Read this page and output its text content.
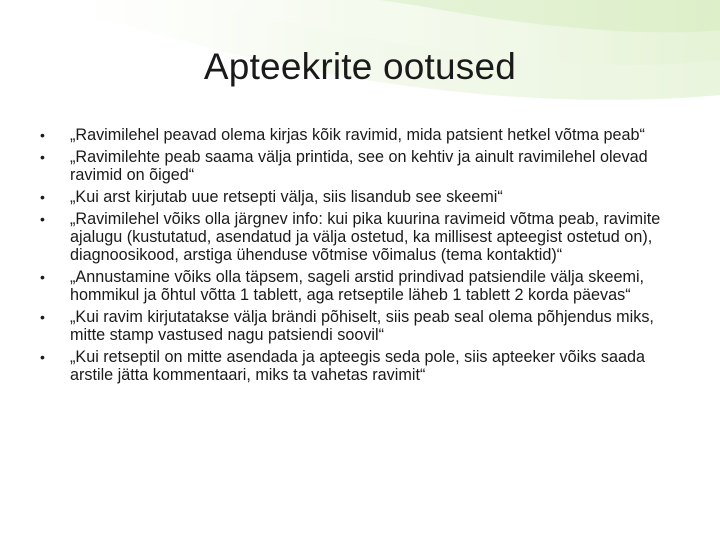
Apteekrite ootused
•	„Ravimilehel peavad olema kirjas kõik ravimid, mida patsient hetkel võtma peab“
•	„Ravimilehte peab saama välja printida, see on kehtiv ja ainult ravimilehel olevad ravimid on õiged“
•	„Kui arst kirjutab uue retsepti välja, siis lisandub see skeemi“
•	„Ravimilehel võiks olla järgnev info: kui pika kuurina ravimeid võtma peab, ravimite ajalugu (kustutatud, asendatud ja välja ostetud, ka millisest apteegist ostetud on), diagnoosikood, arstiga ühenduse võtmise võimalus (tema kontaktid)“
•	„Annustamine võiks olla täpsem, sageli arstid prindivad patsiendile välja skeemi, hommikul ja õhtul võtta 1 tablett, aga retseptile läheb 1 tablett 2 korda päevas“
•	„Kui ravim kirjutatakse välja brändi põhiselt, siis peab seal olema põhjendus miks, mitte stamp vastused nagu patsiendi soovil“
•	„Kui retseptil on mitte asendada ja apteegis seda pole, siis apteeker võiks saada arstile jätta kommentaari, miks ta vahetas ravimit“
